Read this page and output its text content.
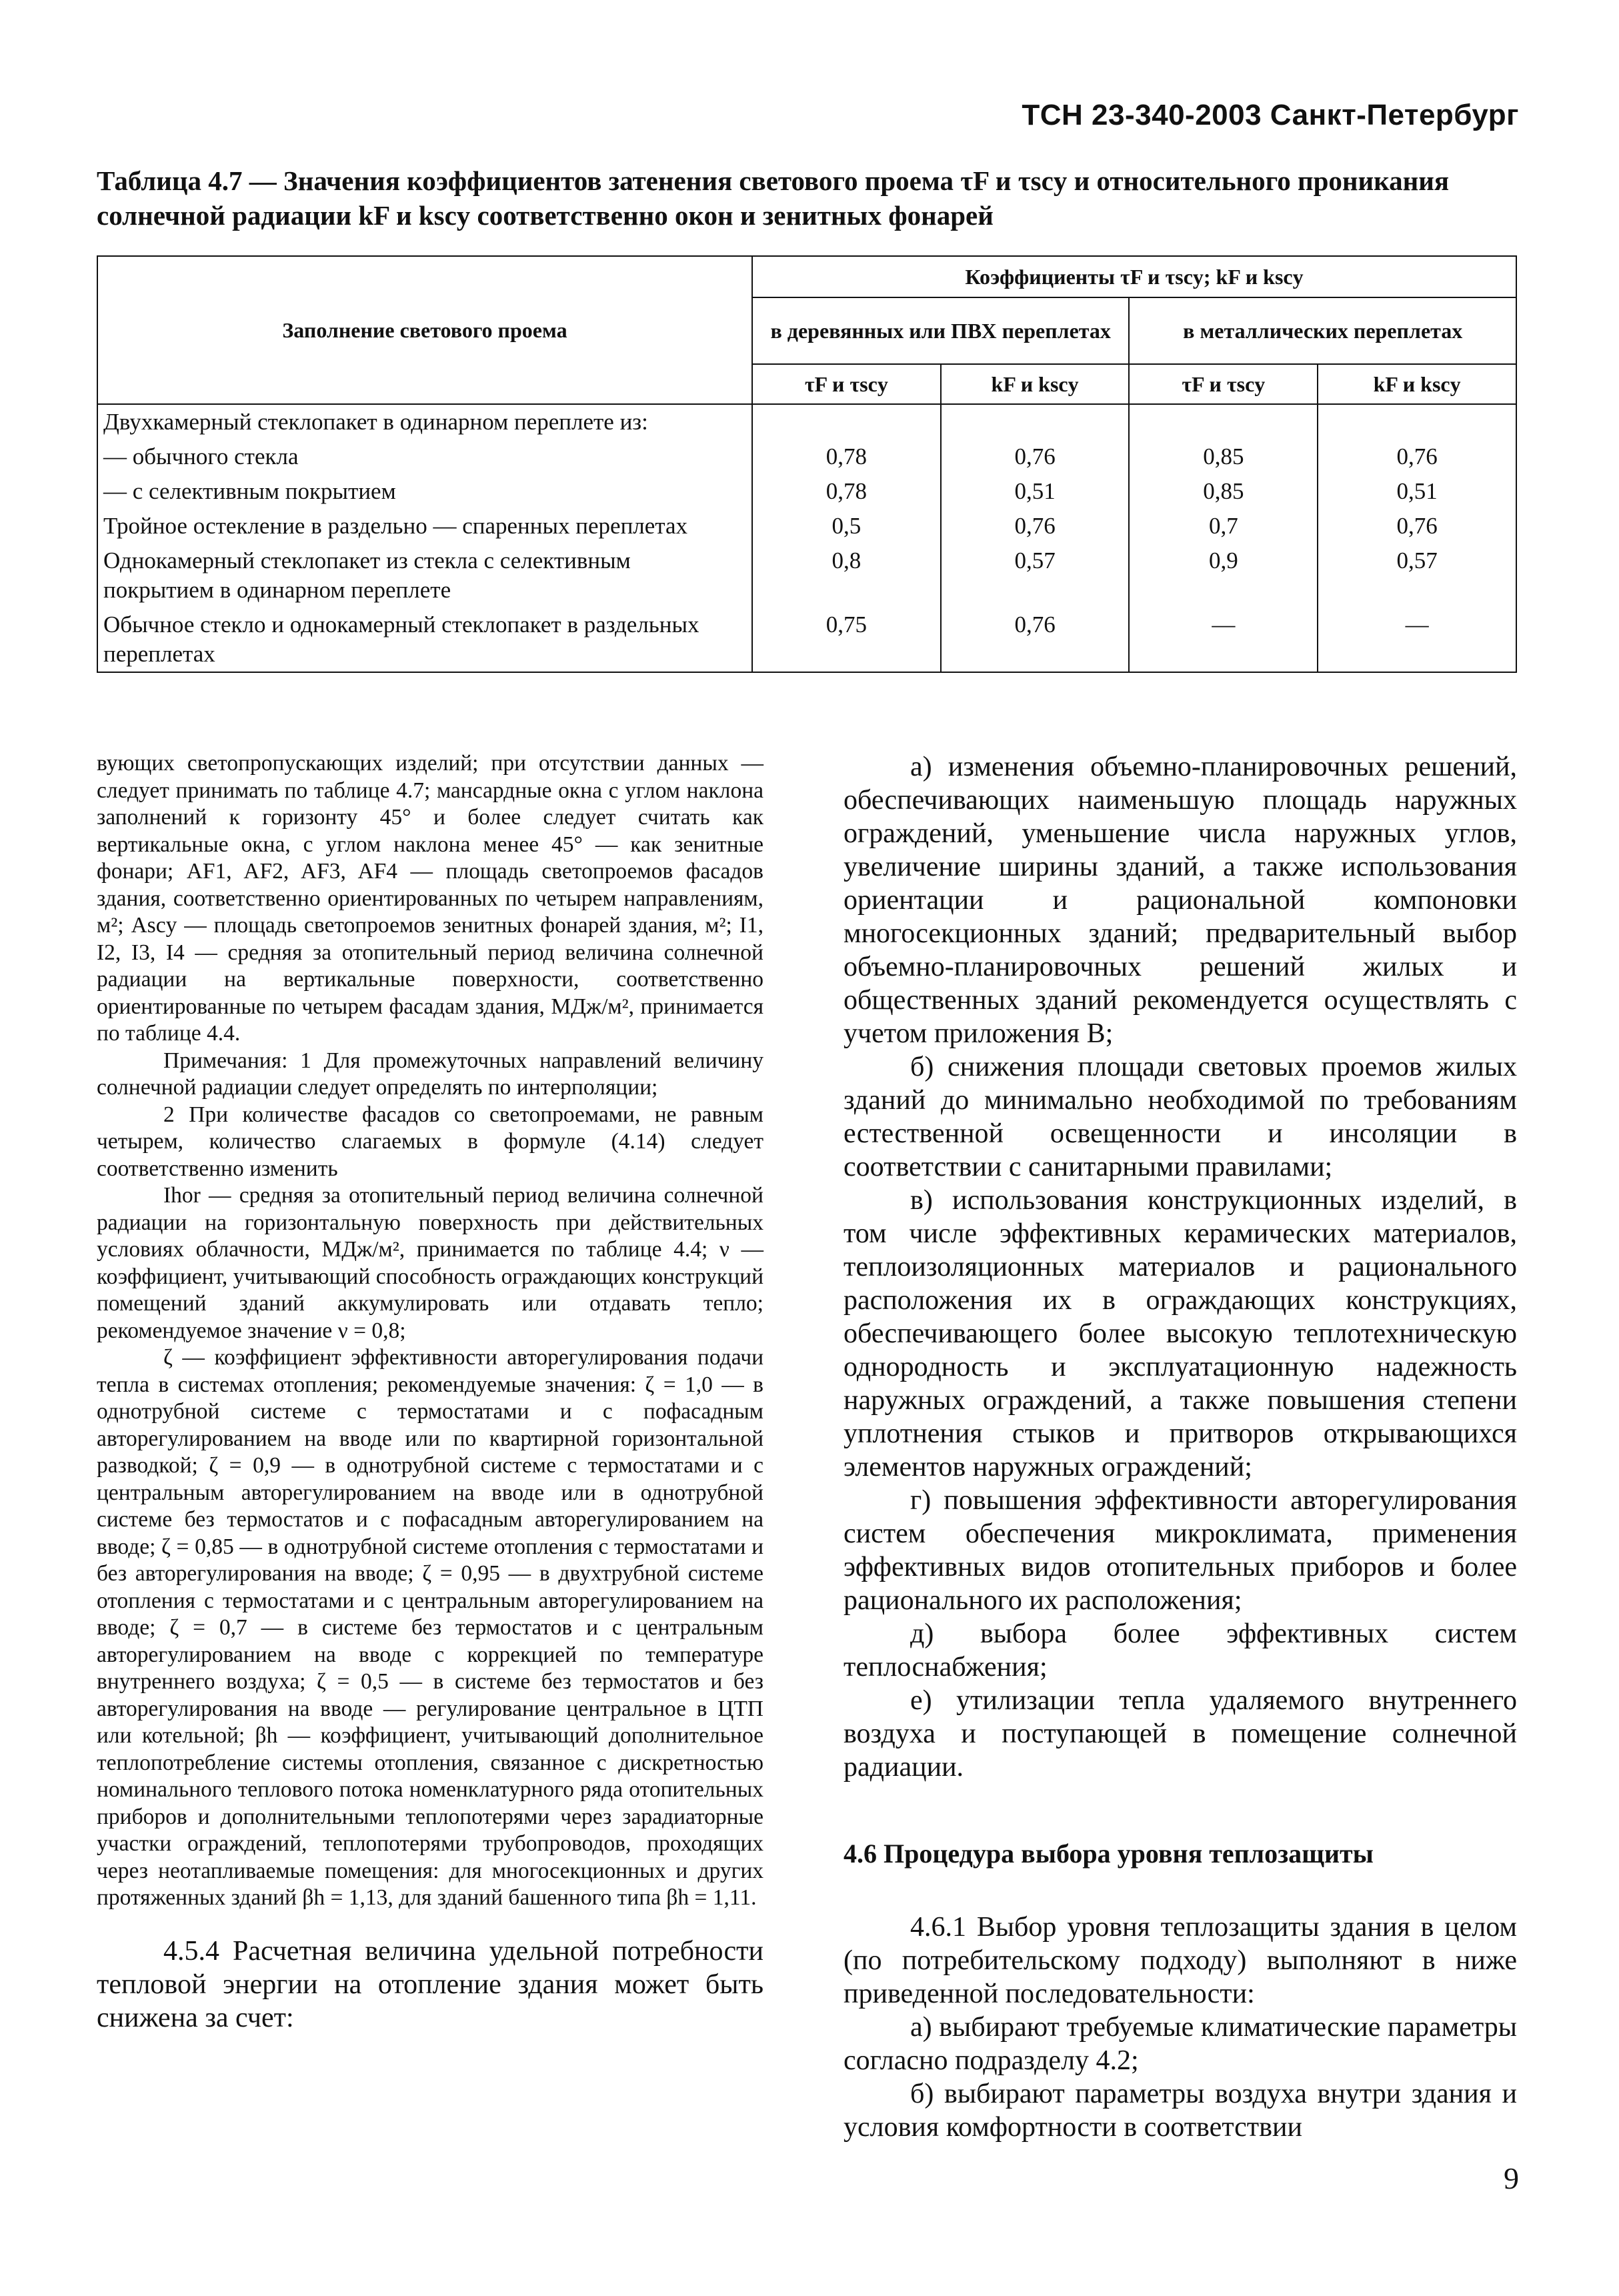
ТСН 23-340-2003 Санкт-Петербург
Таблица 4.7 — Значения коэффициентов затенения светового проема τF и τscy и относительного проникания солнечной радиации kF и kscy соответственно окон и зенитных фонарей
Заполнение светового проема	Коэффициенты τF и τscy; kF и kscy			
	в деревянных или ПВХ переплетах		в металлических переплетах	
	τF и τscy	kF и kscy	τF и τscy	kF и kscy
Двухкамерный стеклопакет в одинарном переплете из:				
— обычного стекла	0,78	0,76	0,85	0,76
— с селективным покрытием	0,78	0,51	0,85	0,51
Тройное остекление в раздельно — спаренных переплетах	0,5	0,76	0,7	0,76
Однокамерный стеклопакет из стекла с селективным покрытием в одинарном переплете	0,8	0,57	0,9	0,57
Обычное стекло и однокамерный стеклопакет в раздельных переплетах	0,75	0,76	—	—

вующих светопропускающих изделий; при отсутствии данных — следует принимать по таблице 4.7; мансардные окна с углом наклона заполнений к горизонту 45° и более следует считать как вертикальные окна, с углом наклона менее 45° — как зенитные фонари; AF1, AF2, AF3, AF4 — площадь светопроемов фасадов здания, соответственно ориентированных по четырем направлениям, м²; Ascy — площадь светопроемов зенитных фонарей здания, м²; I1, I2, I3, I4 — средняя за отопительный период величина солнечной радиации на вертикальные поверхности, соответственно ориентированные по четырем фасадам здания, МДж/м², принимается по таблице 4.4.

Примечания: 1 Для промежуточных направлений величину солнечной радиации следует определять по интерполяции;

2 При количестве фасадов со светопроемами, не равным четырем, количество слагаемых в формуле (4.14) следует соответственно изменить

Ihor — средняя за отопительный период величина солнечной радиации на горизонтальную поверхность при действительных условиях облачности, МДж/м², принимается по таблице 4.4; ν — коэффициент, учитывающий способность ограждающих конструкций помещений зданий аккумулировать или отдавать тепло; рекомендуемое значение ν = 0,8;

ζ — коэффициент эффективности авторегулирования подачи тепла в системах отопления; рекомендуемые значения: ζ = 1,0 — в однотрубной системе с термостатами и с пофасадным авторегулированием на вводе или по квартирной горизонтальной разводкой; ζ = 0,9 — в однотрубной системе с термостатами и с центральным авторегулированием на вводе или в однотрубной системе без термостатов и с пофасадным авторегулированием на вводе; ζ = 0,85 — в однотрубной системе отопления с термостатами и без авторегулирования на вводе; ζ = 0,95 — в двухтрубной системе отопления с термостатами и с центральным авторегулированием на вводе; ζ = 0,7 — в системе без термостатов и с центральным авторегулированием на вводе с коррекцией по температуре внутреннего воздуха; ζ = 0,5 — в системе без термостатов и без авторегулирования на вводе — регулирование центральное в ЦТП или котельной; βh — коэффициент, учитывающий дополнительное теплопотребление системы отопления, связанное с дискретностью номинального теплового потока номенклатурного ряда отопительных приборов и дополнительными теплопотерями через зарадиаторные участки ограждений, теплопотерями трубопроводов, проходящих через неотапливаемые помещения: для многосекционных и других протяженных зданий βh = 1,13, для зданий башенного типа βh = 1,11.

4.5.4 Расчетная величина удельной потребности тепловой энергии на отопление здания может быть снижена за счет:

а) изменения объемно-планировочных решений, обеспечивающих наименьшую площадь наружных ограждений, уменьшение числа наружных углов, увеличение ширины зданий, а также использования ориентации и рациональной компоновки многосекционных зданий; предварительный выбор объемно-планировочных решений жилых и общественных зданий рекомендуется осуществлять с учетом приложения В;

б) снижения площади световых проемов жилых зданий до минимально необходимой по требованиям естественной освещенности и инсоляции в соответствии с санитарными правилами;

в) использования конструкционных изделий, в том числе эффективных керамических материалов, теплоизоляционных материалов и рационального расположения их в ограждающих конструкциях, обеспечивающего более высокую теплотехническую однородность и эксплуатационную надежность наружных ограждений, а также повышения степени уплотнения стыков и притворов открывающихся элементов наружных ограждений;

г) повышения эффективности авторегулирования систем обеспечения микроклимата, применения эффективных видов отопительных приборов и более рационального их расположения;

д) выбора более эффективных систем теплоснабжения;

е) утилизации тепла удаляемого внутреннего воздуха и поступающей в помещение солнечной радиации.

4.6 Процедура выбора уровня теплозащиты

4.6.1 Выбор уровня теплозащиты здания в целом (по потребительскому подходу) выполняют в ниже приведенной последовательности:

а) выбирают требуемые климатические параметры согласно подразделу 4.2;

б) выбирают параметры воздуха внутри здания и условия комфортности в соответствии

9
